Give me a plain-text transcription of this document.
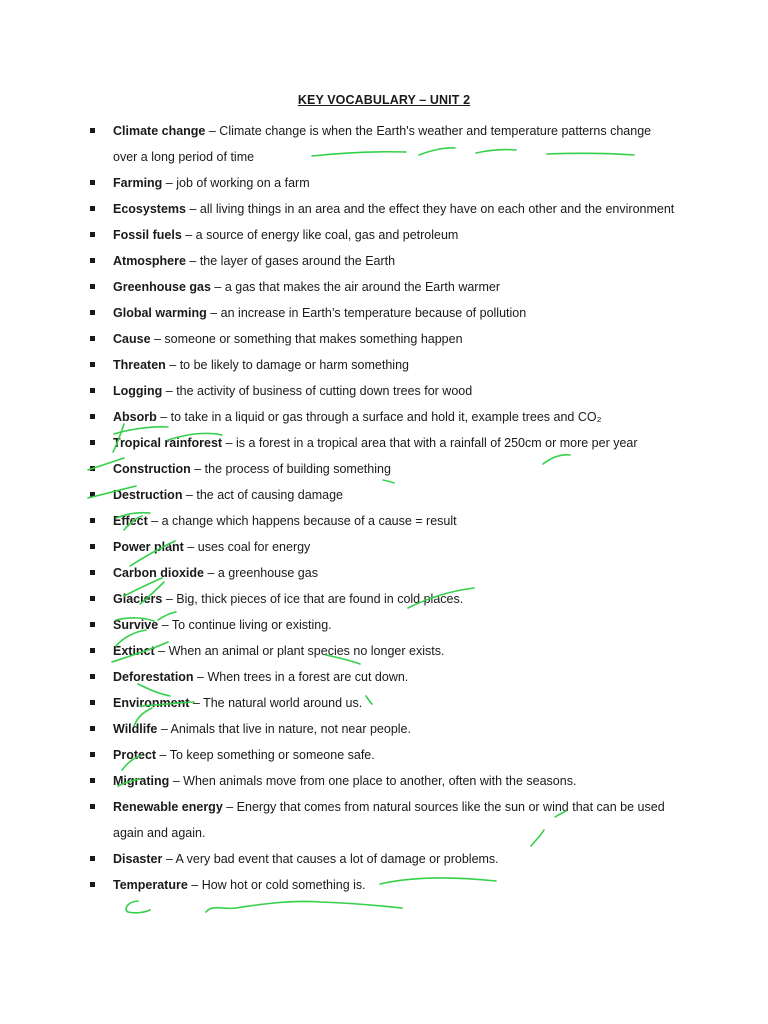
KEY VOCABULARY – UNIT 2
Climate change – Climate change is when the Earth's weather and temperature patterns change
over a long period of time
Farming – job of working on a farm
Ecosystems – all living things in an area and the effect they have on each other and the environment
Fossil fuels – a source of energy like coal, gas and petroleum
Atmosphere – the layer of gases around the Earth
Greenhouse gas – a gas that makes the air around the Earth warmer
Global warming – an increase in Earth’s temperature because of pollution
Cause – someone or something that makes something happen
Threaten – to be likely to damage or harm something
Logging – the activity of business of cutting down trees for wood
Absorb – to take in a liquid or gas through a surface and hold it, example trees and CO₂
Tropical rainforest – is a forest in a tropical area that with a rainfall of 250cm or more per year
Construction – the process of building something
Destruction – the act of causing damage
Effect – a change which happens because of a cause = result
Power plant – uses coal for energy
Carbon dioxide – a greenhouse gas
Glaciers – Big, thick pieces of ice that are found in cold places.
Survive – To continue living or existing.
Extinct – When an animal or plant species no longer exists.
Deforestation – When trees in a forest are cut down.
Environment – The natural world around us.
Wildlife – Animals that live in nature, not near people.
Protect – To keep something or someone safe.
Migrating – When animals move from one place to another, often with the seasons.
Renewable energy – Energy that comes from natural sources like the sun or wind that can be used
again and again.
Disaster – A very bad event that causes a lot of damage or problems.
Temperature – How hot or cold something is.
